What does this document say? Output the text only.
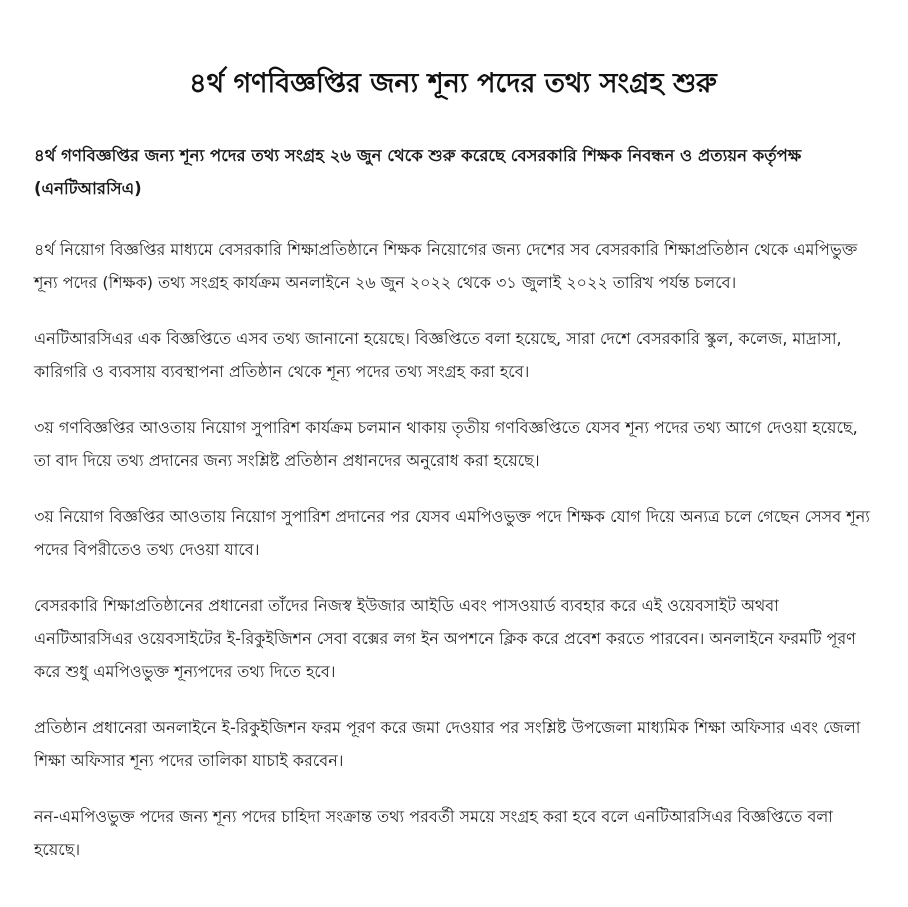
৪র্থ গণবিজ্ঞপ্তির জন্য শূন্য পদের তথ্য সংগ্রহ শুরু

৪র্থ গণবিজ্ঞপ্তির জন্য শূন্য পদের তথ্য সংগ্রহ ২৬ জুন থেকে শুরু করেছে বেসরকারি শিক্ষক নিবন্ধন ও প্রত্যয়ন কর্তৃপক্ষ (এনটিআরসিএ)

৪র্থ নিয়োগ বিজ্ঞপ্তির মাধ্যমে বেসরকারি শিক্ষাপ্রতিষ্ঠানে শিক্ষক নিয়োগের জন্য দেশের সব বেসরকারি শিক্ষাপ্রতিষ্ঠান থেকে এমপিভুক্ত শূন্য পদের (শিক্ষক) তথ্য সংগ্রহ কার্যক্রম অনলাইনে ২৬ জুন ২০২২ থেকে ৩১ জুলাই ২০২২ তারিখ পর্যন্ত চলবে।

এনটিআরসিএর এক বিজ্ঞপ্তিতে এসব তথ্য জানানো হয়েছে। বিজ্ঞপ্তিতে বলা হয়েছে, সারা দেশে বেসরকারি স্কুল, কলেজ, মাদ্রাসা, কারিগরি ও ব্যবসায় ব্যবস্থাপনা প্রতিষ্ঠান থেকে শূন্য পদের তথ্য সংগ্রহ করা হবে।

৩য় গণবিজ্ঞপ্তির আওতায় নিয়োগ সুপারিশ কার্যক্রম চলমান থাকায় তৃতীয় গণবিজ্ঞপ্তিতে যেসব শূন্য পদের তথ্য আগে দেওয়া হয়েছে, তা বাদ দিয়ে তথ্য প্রদানের জন্য সংশ্লিষ্ট প্রতিষ্ঠান প্রধানদের অনুরোধ করা হয়েছে।

৩য় নিয়োগ বিজ্ঞপ্তির আওতায় নিয়োগ সুপারিশ প্রদানের পর যেসব এমপিওভুক্ত পদে শিক্ষক যোগ দিয়ে অন্যত্র চলে গেছেন সেসব শূন্য পদের বিপরীতেও তথ্য দেওয়া যাবে।

বেসরকারি শিক্ষাপ্রতিষ্ঠানের প্রধানেরা তাঁদের নিজস্ব ইউজার আইডি এবং পাসওয়ার্ড ব্যবহার করে এই ওয়েবসাইট অথবা এনটিআরসিএর ওয়েবসাইটের ই-রিকুইজিশন সেবা বক্সের লগ ইন অপশনে ক্লিক করে প্রবেশ করতে পারবেন। অনলাইনে ফরমটি পূরণ করে শুধু এমপিওভুক্ত শূন্যপদের তথ্য দিতে হবে।

প্রতিষ্ঠান প্রধানেরা অনলাইনে ই-রিকুইজিশন ফরম পূরণ করে জমা দেওয়ার পর সংশ্লিষ্ট উপজেলা মাধ্যমিক শিক্ষা অফিসার এবং জেলা শিক্ষা অফিসার শূন্য পদের তালিকা যাচাই করবেন।

নন-এমপিওভুক্ত পদের জন্য শূন্য পদের চাহিদা সংক্রান্ত তথ্য পরবর্তী সময়ে সংগ্রহ করা হবে বলে এনটিআরসিএর বিজ্ঞপ্তিতে বলা হয়েছে।
